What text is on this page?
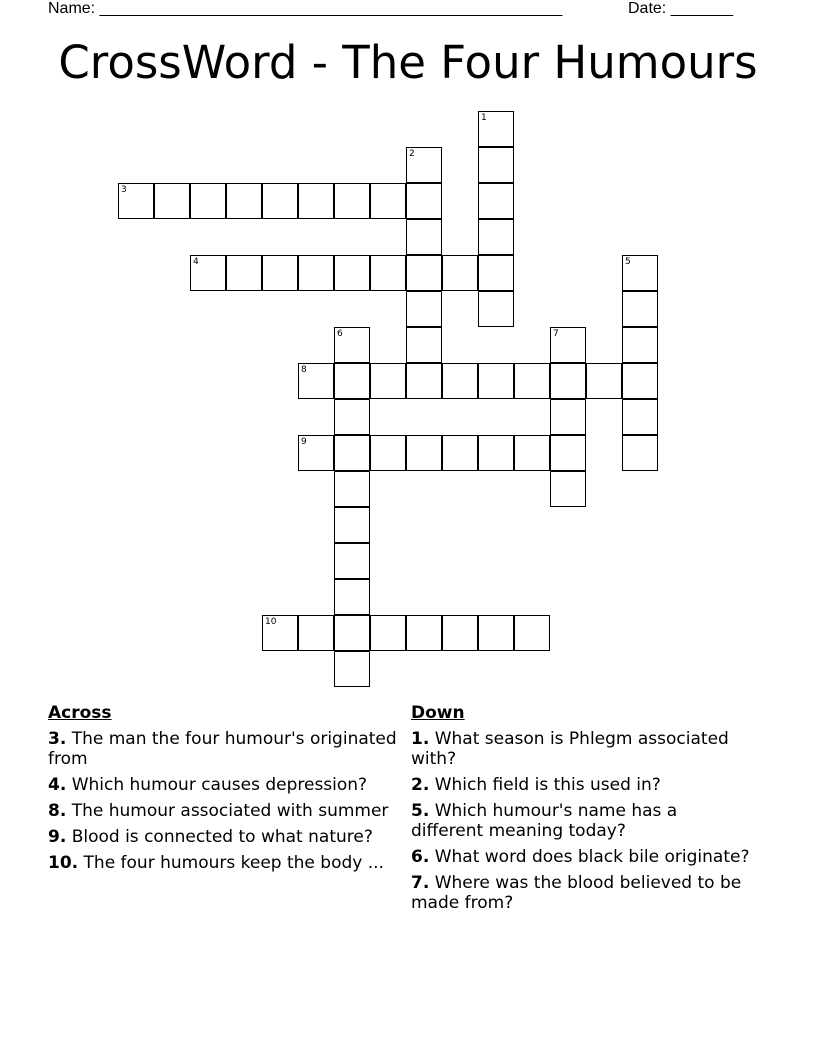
Name: ____________________________________________________	Date: _______
CrossWord - The Four Humours
1
2
3
4	5
6	7
8
9
10
Across
3. The man the four humour's originated from
4. Which humour causes depression?
8. The humour associated with summer
9. Blood is connected to what nature?
10. The four humours keep the body ...
Down
1. What season is Phlegm associated with?
2. Which field is this used in?
5. Which humour's name has a different meaning today?
6. What word does black bile originate?
7. Where was the blood believed to be made from?
